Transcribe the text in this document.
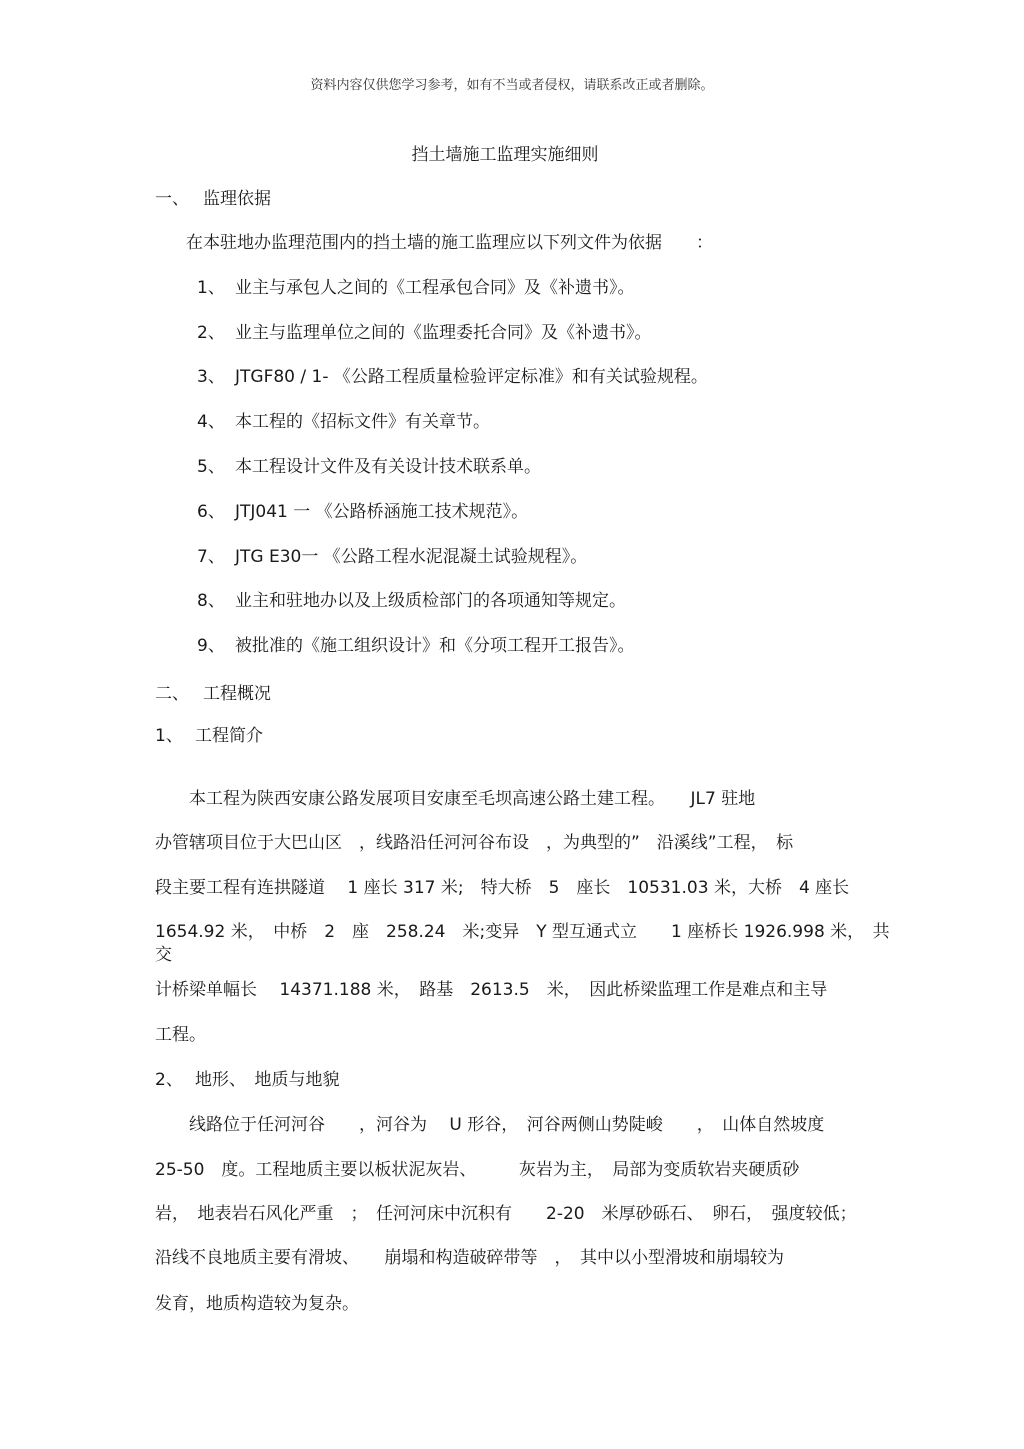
资料内容仅供您学习参考，如有不当或者侵权，请联系改正或者删除。
挡土墙施工监理实施细则
一、 监理依据
在本驻地办监理范围内的挡土墙的施工监理应以下列文件为依据　　：
1、 业主与承包人之间的《工程承包合同》及《补遗书》。
2、 业主与监理单位之间的《监理委托合同》及《补遗书》。
3、 JTGF80 / 1- 《公路工程质量检验评定标准》和有关试验规程。
4、 本工程的《招标文件》有关章节。
5、 本工程设计文件及有关设计技术联系单。
6、 JTJ041 一 《公路桥涵施工技术规范》。
7、 JTG E30一 《公路工程水泥混凝土试验规程》。
8、 业主和驻地办以及上级质检部门的各项通知等规定。
9、 被批准的《施工组织设计》和《分项工程开工报告》。
二、 工程概况
1、 工程简介
　　本工程为陕西安康公路发展项目安康至毛坝高速公路土建工程。　　JL7 驻地
办管辖项目位于大巴山区　，线路沿任河河谷布设　，为典型的”　沿溪线”工程，　标
段主要工程有连拱隧道　 1 座长 317 米;　特大桥　5　座长　10531.03 米，大桥　4 座长
1654.92 米，　中桥　2　座　258.24　米;变异　Y 型互通式立　　1 座桥长 1926.998 米，　共
交
计桥梁单幅长　 14371.188 米，　路基　2613.5　米，　因此桥梁监理工作是难点和主导
工程。
2、 地形、　地质与地貌
　　线路位于任河河谷　　，河谷为　 U 形谷，　河谷两侧山势陡峻　　，　山体自然坡度
25-50　度。工程地质主要以板状泥灰岩、　　　灰岩为主，　局部为变质软岩夹硬质砂
岩，　地表岩石风化严重　；　任河河床中沉积有　　2-20　米厚砂砾石、　卵石，　强度较低；
沿线不良地质主要有滑坡、　　崩塌和构造破碎带等　，　其中以小型滑坡和崩塌较为
发育，地质构造较为复杂。
